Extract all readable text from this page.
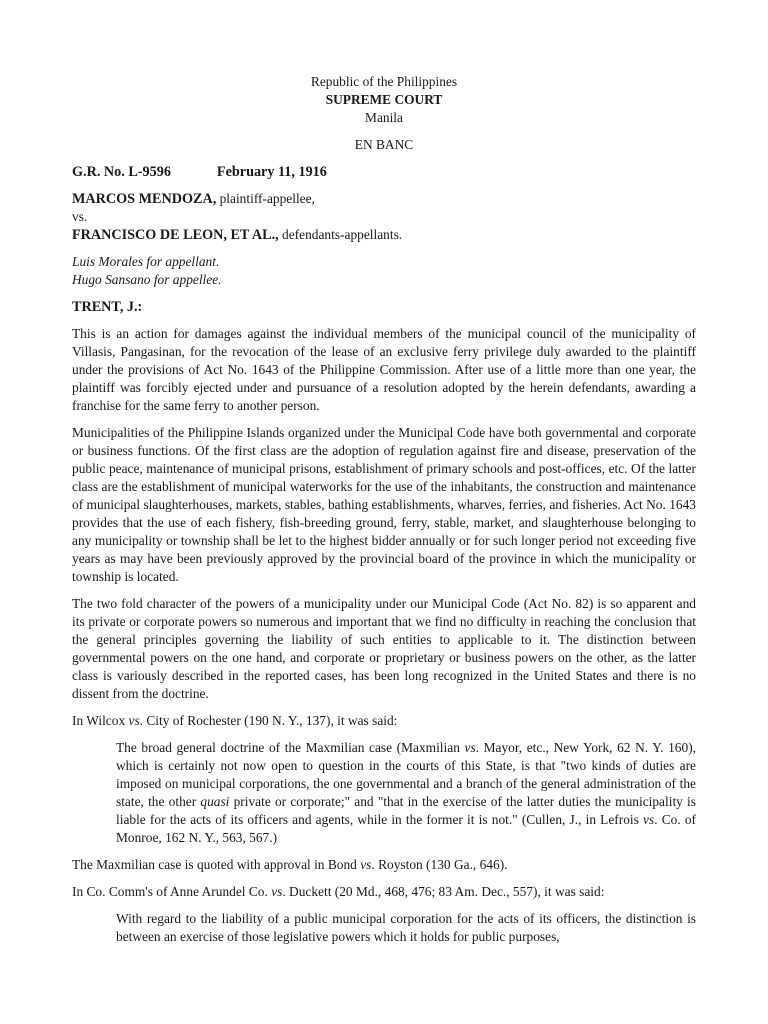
Republic of the Philippines
SUPREME COURT
Manila
EN BANC
G.R. No. L-9596	February 11, 1916
MARCOS MENDOZA, plaintiff-appellee,
vs.
FRANCISCO DE LEON, ET AL., defendants-appellants.
Luis Morales for appellant.
Hugo Sansano for appellee.
TRENT, J.:

This is an action for damages against the individual members of the municipal council of the municipality of Villasis, Pangasinan, for the revocation of the lease of an exclusive ferry privilege duly awarded to the plaintiff under the provisions of Act No. 1643 of the Philippine Commission. After use of a little more than one year, the plaintiff was forcibly ejected under and pursuance of a resolution adopted by the herein defendants, awarding a franchise for the same ferry to another person.

Municipalities of the Philippine Islands organized under the Municipal Code have both governmental and corporate or business functions. Of the first class are the adoption of regulation against fire and disease, preservation of the public peace, maintenance of municipal prisons, establishment of primary schools and post-offices, etc. Of the latter class are the establishment of municipal waterworks for the use of the inhabitants, the construction and maintenance of municipal slaughterhouses, markets, stables, bathing establishments, wharves, ferries, and fisheries. Act No. 1643 provides that the use of each fishery, fish-breeding ground, ferry, stable, market, and slaughterhouse belonging to any municipality or township shall be let to the highest bidder annually or for such longer period not exceeding five years as may have been previously approved by the provincial board of the province in which the municipality or township is located.

The two fold character of the powers of a municipality under our Municipal Code (Act No. 82) is so apparent and its private or corporate powers so numerous and important that we find no difficulty in reaching the conclusion that the general principles governing the liability of such entities to applicable to it. The distinction between governmental powers on the one hand, and corporate or proprietary or business powers on the other, as the latter class is variously described in the reported cases, has been long recognized in the United States and there is no dissent from the doctrine.

In Wilcox vs. City of Rochester (190 N. Y., 137), it was said:

The broad general doctrine of the Maxmilian case (Maxmilian vs. Mayor, etc., New York, 62 N. Y. 160), which is certainly not now open to question in the courts of this State, is that "two kinds of duties are imposed on municipal corporations, the one governmental and a branch of the general administration of the state, the other quasi private or corporate;" and "that in the exercise of the latter duties the municipality is liable for the acts of its officers and agents, while in the former it is not." (Cullen, J., in Lefrois vs. Co. of Monroe, 162 N. Y., 563, 567.)

The Maxmilian case is quoted with approval in Bond vs. Royston (130 Ga., 646).

In Co. Comm's of Anne Arundel Co. vs. Duckett (20 Md., 468, 476; 83 Am. Dec., 557), it was said:

With regard to the liability of a public municipal corporation for the acts of its officers, the distinction is between an exercise of those legislative powers which it holds for public purposes,
